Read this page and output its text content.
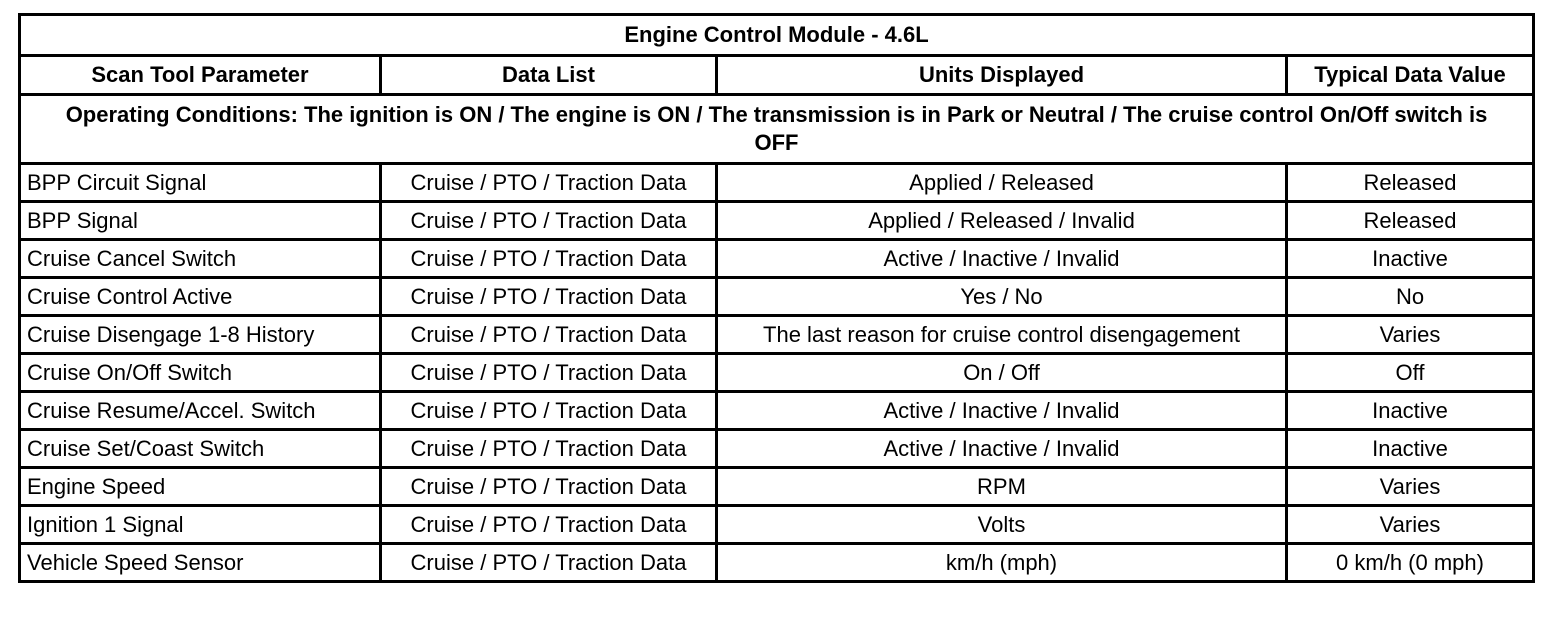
Engine Control Module - 4.6L			
Scan Tool Parameter	Data List	Units Displayed	Typical Data Value
Operating Conditions: The ignition is ON / The engine is ON / The transmission is in Park or Neutral / The cruise control On/Off switch is OFF			
BPP Circuit Signal	Cruise / PTO / Traction Data	Applied / Released	Released
BPP Signal	Cruise / PTO / Traction Data	Applied / Released / Invalid	Released
Cruise Cancel Switch	Cruise / PTO / Traction Data	Active / Inactive / Invalid	Inactive
Cruise Control Active	Cruise / PTO / Traction Data	Yes / No	No
Cruise Disengage 1-8 History	Cruise / PTO / Traction Data	The last reason for cruise control disengagement	Varies
Cruise On/Off Switch	Cruise / PTO / Traction Data	On / Off	Off
Cruise Resume/Accel. Switch	Cruise / PTO / Traction Data	Active / Inactive / Invalid	Inactive
Cruise Set/Coast Switch	Cruise / PTO / Traction Data	Active / Inactive / Invalid	Inactive
Engine Speed	Cruise / PTO / Traction Data	RPM	Varies
Ignition 1 Signal	Cruise / PTO / Traction Data	Volts	Varies
Vehicle Speed Sensor	Cruise / PTO / Traction Data	km/h (mph)	0 km/h (0 mph)
